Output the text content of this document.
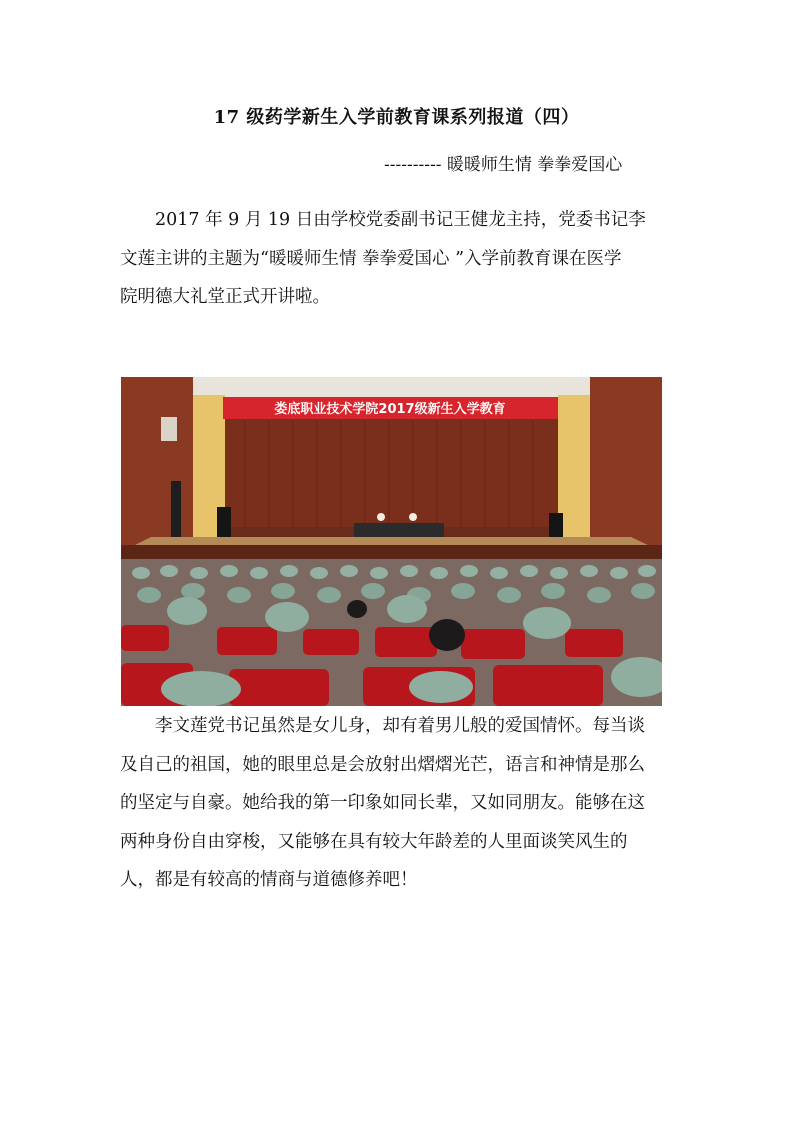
17 级药学新生入学前教育课系列报道（四）
---------- 暖暖师生情 拳拳爱国心
2017 年 9 月 19 日由学校党委副书记王健龙主持，党委书记李
文莲主讲的主题为“暖暖师生情 拳拳爱国心 ”入学前教育课在医学
院明德大礼堂正式开讲啦。
娄底职业技术学院2017级新生入学教育
李文莲党书记虽然是女儿身，却有着男儿般的爱国情怀。每当谈
及自己的祖国，她的眼里总是会放射出熠熠光芒，语言和神情是那么
的坚定与自豪。她给我的第一印象如同长辈，又如同朋友。能够在这
两种身份自由穿梭，又能够在具有较大年龄差的人里面谈笑风生的
人，都是有较高的情商与道德修养吧！
